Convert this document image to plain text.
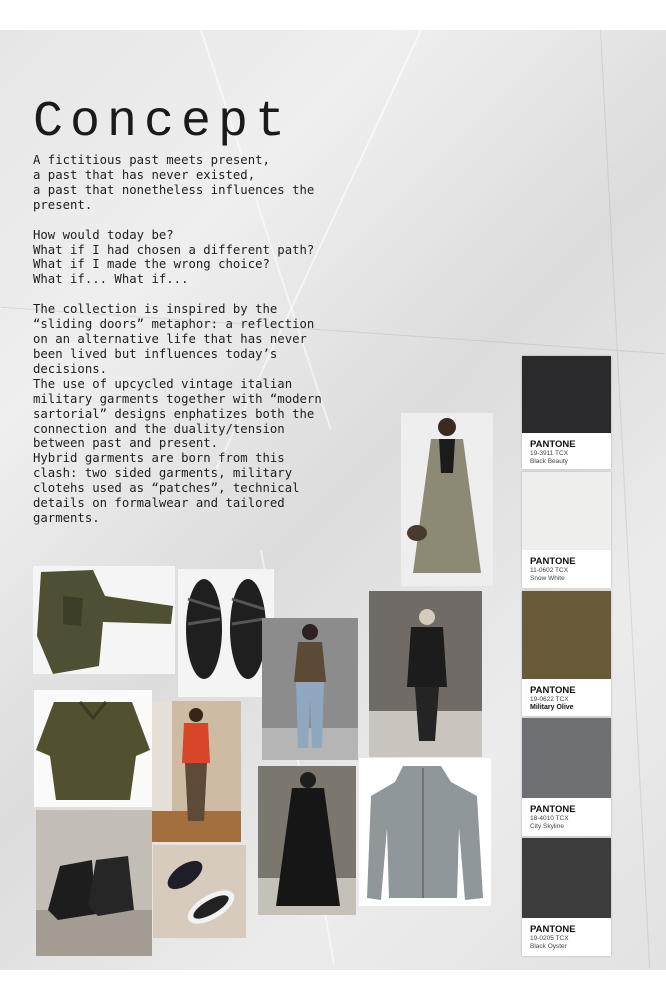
Concept

A fictitious past meets present,
a past that has never existed,
a past that nonetheless influences the
present.

How would today be?
What if I had chosen a different path?
What if I made the wrong choice?
What if... What if...

The collection is inspired by the
“sliding doors” metaphor: a reflection
on an alternative life that has never
been lived but influences today’s
decisions.
The use of upcycled vintage italian
military garments together with “modern
sartorial” designs enphatizes both the
connection and the duality/tension
between past and present.
Hybrid garments are born from this
clash: two sided garments, military
clotehs used as “patches”, technical
details on formalwear and tailored
garments.

PANTONE
19-3911 TCX
Black Beauty
PANTONE
11-0602 TCX
Snow White
PANTONE
19-0622 TCX
Military Olive
PANTONE
18-4010 TCX
City Skyline
PANTONE
19-0205 TCX
Black Oyster
